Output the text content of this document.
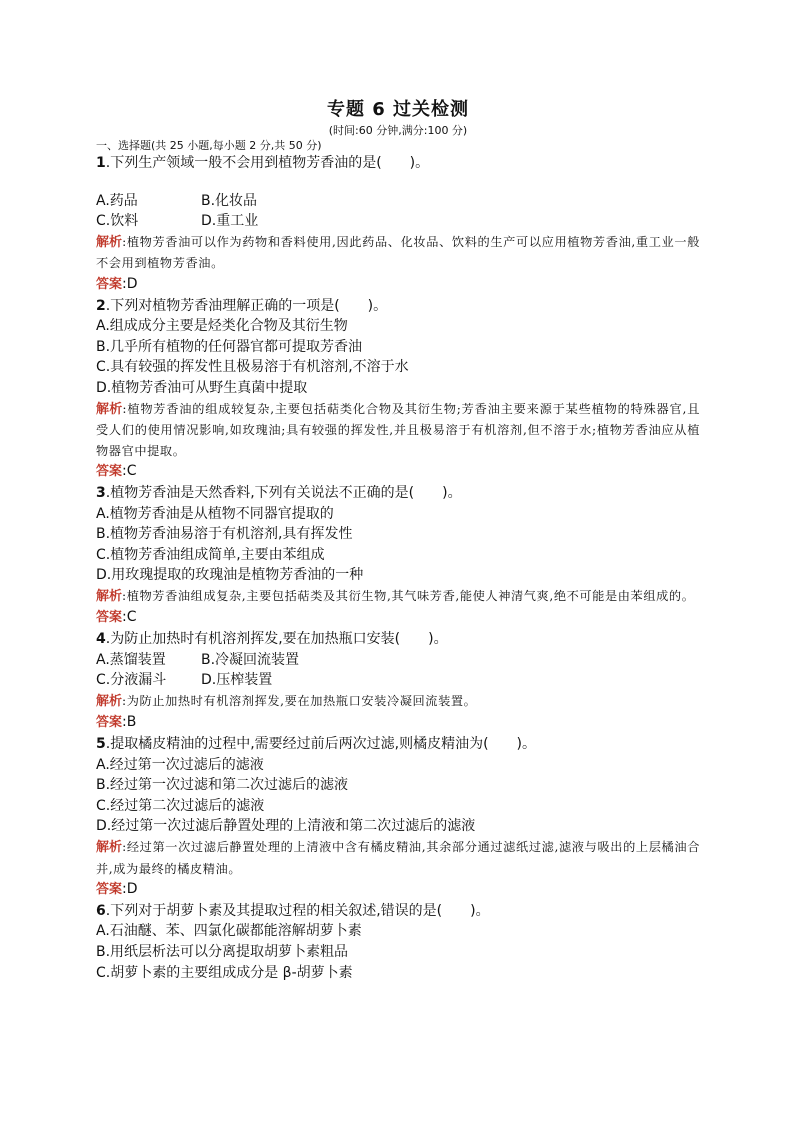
专题 6 过关检测

(时间:60 分钟,满分:100 分)

一、选择题(共 25 小题,每小题 2 分,共 50 分)

1.下列生产领域一般不会用到植物芳香油的是(　　)。

A.药品	B.化妆品
C.饮料	D.重工业

解析:植物芳香油可以作为药物和香料使用,因此药品、化妆品、饮料的生产可以应用植物芳香油,重工业一般不会用到植物芳香油。

答案:D

2.下列对植物芳香油理解正确的一项是(　　)。

A.组成成分主要是烃类化合物及其衍生物

B.几乎所有植物的任何器官都可提取芳香油

C.具有较强的挥发性且极易溶于有机溶剂,不溶于水

D.植物芳香油可从野生真菌中提取

解析:植物芳香油的组成较复杂,主要包括萜类化合物及其衍生物;芳香油主要来源于某些植物的特殊器官,且受人们的使用情况影响,如玫瑰油;具有较强的挥发性,并且极易溶于有机溶剂,但不溶于水;植物芳香油应从植物器官中提取。

答案:C

3.植物芳香油是天然香料,下列有关说法不正确的是(　　)。

A.植物芳香油是从植物不同器官提取的

B.植物芳香油易溶于有机溶剂,具有挥发性

C.植物芳香油组成简单,主要由苯组成

D.用玫瑰提取的玫瑰油是植物芳香油的一种

解析:植物芳香油组成复杂,主要包括萜类及其衍生物,其气味芳香,能使人神清气爽,绝不可能是由苯组成的。

答案:C

4.为防止加热时有机溶剂挥发,要在加热瓶口安装(　　)。

A.蒸馏装置	B.冷凝回流装置
C.分液漏斗	D.压榨装置

解析:为防止加热时有机溶剂挥发,要在加热瓶口安装冷凝回流装置。

答案:B

5.提取橘皮精油的过程中,需要经过前后两次过滤,则橘皮精油为(　　)。

A.经过第一次过滤后的滤液

B.经过第一次过滤和第二次过滤后的滤液

C.经过第二次过滤后的滤液

D.经过第一次过滤后静置处理的上清液和第二次过滤后的滤液

解析:经过第一次过滤后静置处理的上清液中含有橘皮精油,其余部分通过滤纸过滤,滤液与吸出的上层橘油合并,成为最终的橘皮精油。

答案:D

6.下列对于胡萝卜素及其提取过程的相关叙述,错误的是(　　)。

A.石油醚、苯、四氯化碳都能溶解胡萝卜素

B.用纸层析法可以分离提取胡萝卜素粗品

C.胡萝卜素的主要组成成分是 β-胡萝卜素
